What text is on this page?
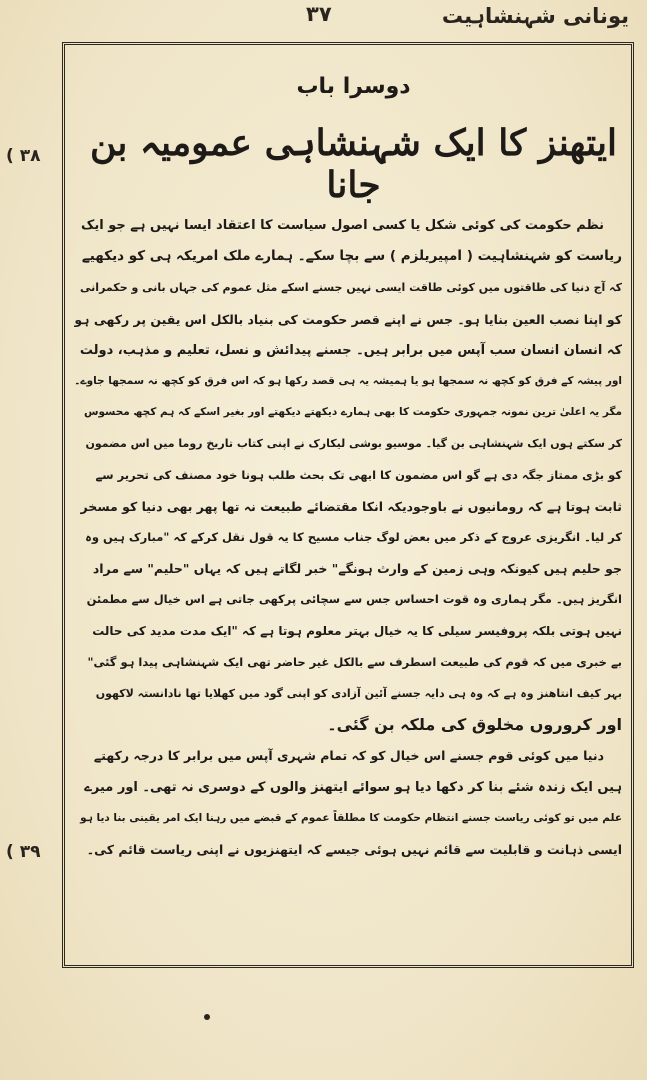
یونانی شہنشاہیت
۳۷
( ۳۸
( ۳۹
دوسرا باب
ایتھنز کا ایک شہنشاہی عمومیہ بن جانا
نظم حکومت کی کوئی شکل یا کسی اصول سیاست کا اعتقاد ایسا نہیں ہے جو ایک
ریاست کو شہنشاہیت ( امپیریلزم ) سے بچا سکے۔ ہمارے ملک امریکہ ہی کو دیکھیے
کہ آج دنیا کی طاقتوں میں کوئی طاقت ایسی نہیں جسنے اسکے مثل عموم کی جہاں بانی و حکمرانی
کو اپنا نصب العین بنایا ہو۔ جس نے اپنے قصر حکومت کی بنیاد بالکل اس یقین پر رکھی ہو
کہ انسان انسان سب آپس میں برابر ہیں۔ جسنے پیدائش و نسل، تعلیم و مذہب، دولت
اور پیشہ کے فرق کو کچھ نہ سمجھا ہو یا ہمیشہ یہ ہی قصد رکھا ہو کہ اس فرق کو کچھ نہ سمجھا جاوے۔
مگر یہ اعلیٰ ترین نمونہ جمہوری حکومت کا بھی ہمارے دیکھتے دیکھتے اور بغیر اسکے کہ ہم کچھ محسوس
کر سکتے ہوں ایک شہنشاہی بن گیا۔ موسیو بوشی لیکارک نے اپنی کتاب تاریخ روما میں اس مضمون
کو بڑی ممتاز جگہ دی ہے گو اس مضمون کا ابھی تک بحث طلب ہونا خود مصنف کی تحریر سے
ثابت ہوتا ہے کہ رومانیوں نے باوجودیکہ انکا مقتضائے طبیعت نہ تھا پھر بھی دنیا کو مسخر
کر لیا۔ انگریزی عروج کے ذکر میں بعض لوگ جناب مسیح کا یہ قول نقل کرکے کہ "مبارک ہیں وہ
جو حلیم ہیں کیونکہ وہی زمین کے وارث ہونگے" خبر لگاتے ہیں کہ یہاں "حلیم" سے مراد
انگریز ہیں۔ مگر ہماری وہ قوت احساس جس سے سچائی پرکھی جاتی ہے اس خیال سے مطمئن
نہیں ہوتی بلکہ پروفیسر سیلی کا یہ خیال بہتر معلوم ہوتا ہے کہ "ایک مدت مدید کی حالت
بے خبری میں کہ قوم کی طبیعت اسطرف سے بالکل غیر حاضر تھی ایک شہنشاہی پیدا ہو گئی"
بہر کیف انتاھنز وہ ہے کہ وہ ہی دایہ جسنے آئین آزادی کو اپنی گود میں کھلایا تھا نادانستہ لاکھوں
اور کروروں مخلوق کی ملکہ بن گئی۔
دنیا میں کوئی قوم جسنے اس خیال کو کہ تمام شہری آپس میں برابر کا درجہ رکھتے
ہیں ایک زندہ شئے بنا کر دکھا دیا ہو سوائے ایتھنز والوں کے دوسری نہ تھی۔ اور میرے
علم میں تو کوئی ریاست جسنے انتظام حکومت کا مطلقاً عموم کے قبضے میں رہنا ایک امر یقینی بنا دیا ہو
ایسی ذہانت و قابلیت سے قائم نہیں ہوئی جیسے کہ ایتھنزیوں نے اپنی ریاست قائم کی۔
